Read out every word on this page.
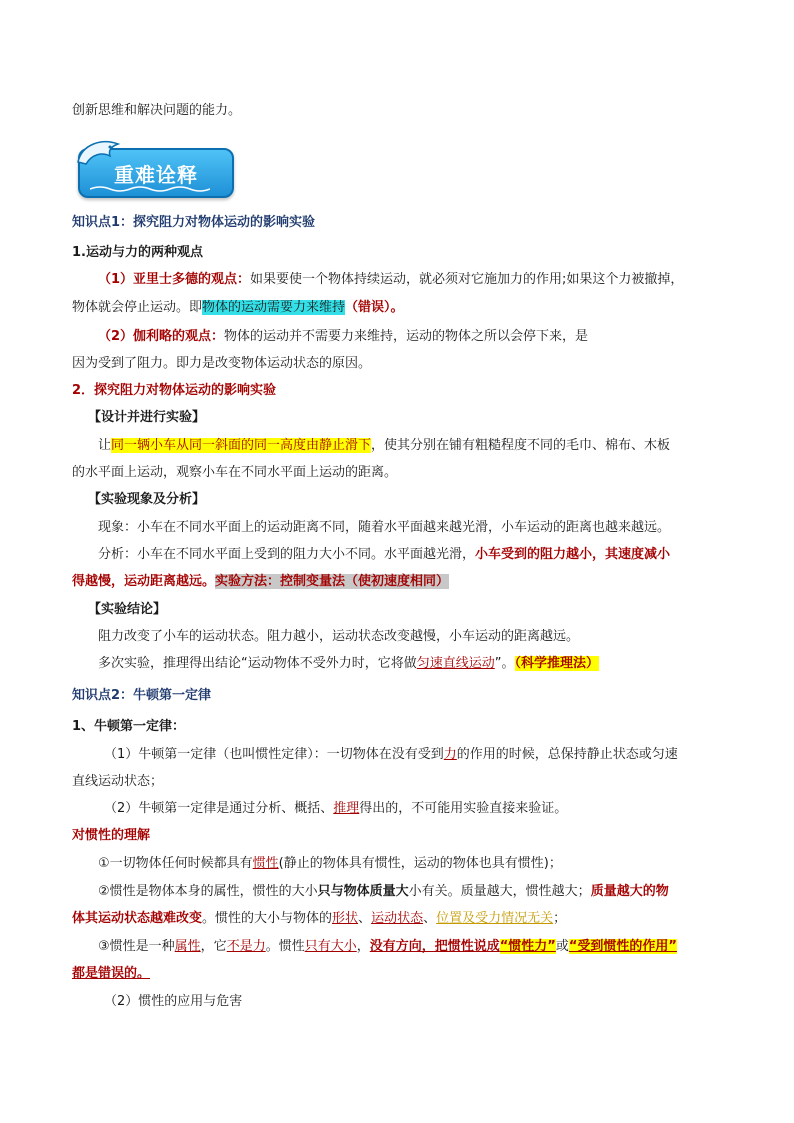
创新思维和解决问题的能力。
重难诠释
知识点1：探究阻力对物体运动的影响实验
1.运动与力的两种观点
（1）亚里士多德的观点：如果要使一个物体持续运动，就必须对它施加力的作用;如果这个力被撤掉，
物体就会停止运动。即物体的运动需要力来维持（错误）。
（2）伽利略的观点：物体的运动并不需要力来维持，运动的物体之所以会停下来，是
因为受到了阻力。即力是改变物体运动状态的原因。
2．探究阻力对物体运动的影响实验
【设计并进行实验】
让同一辆小车从同一斜面的同一高度由静止滑下，使其分别在铺有粗糙程度不同的毛巾、棉布、木板
的水平面上运动，观察小车在不同水平面上运动的距离。
【实验现象及分析】
现象：小车在不同水平面上的运动距离不同，随着水平面越来越光滑，小车运动的距离也越来越远。
分析：小车在不同水平面上受到的阻力大小不同。水平面越光滑，小车受到的阻力越小，其速度减小
得越慢，运动距离越远。实验方法：控制变量法（使初速度相同）
【实验结论】
阻力改变了小车的运动状态。阻力越小，运动状态改变越慢，小车运动的距离越远。
多次实验，推理得出结论“运动物体不受外力时，它将做匀速直线运动”。（科学推理法）
知识点2：牛顿第一定律
1、牛顿第一定律：
（1）牛顿第一定律（也叫惯性定律）：一切物体在没有受到力的作用的时候，总保持静止状态或匀速
直线运动状态；
（2）牛顿第一定律是通过分析、概括、推理得出的，不可能用实验直接来验证。
对惯性的理解
①一切物体任何时候都具有惯性(静止的物体具有惯性，运动的物体也具有惯性)；
②惯性是物体本身的属性，惯性的大小只与物体质量大小有关。质量越大，惯性越大；质量越大的物
体其运动状态越难改变。惯性的大小与物体的形状、运动状态、位置及受力情况无关；
③惯性是一种属性，它不是力。惯性只有大小，没有方向，把惯性说成“惯性力”或“受到惯性的作用”
都是错误的。
（2）惯性的应用与危害
